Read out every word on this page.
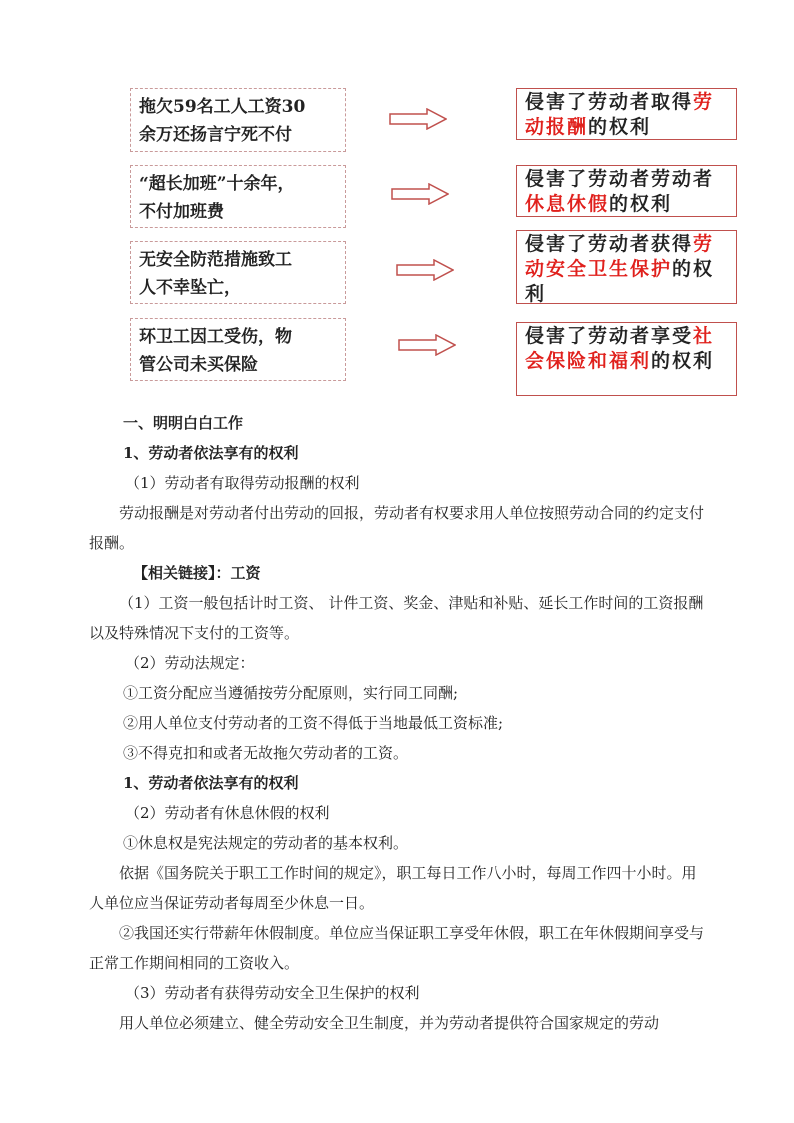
拖欠59名工人工资30
余万还扬言宁死不付
侵害了劳动者取得劳动报酬的权利
“超长加班”十余年，
不付加班费
侵害了劳动者劳动者休息休假的权利
无安全防范措施致工
人不幸坠亡，
侵害了劳动者获得劳动安全卫生保护的权利
环卫工因工受伤，物
管公司未买保险
侵害了劳动者享受社会保险和福利的权利

一、明明白白工作

1、劳动者依法享有的权利

（1）劳动者有取得劳动报酬的权利

劳动报酬是对劳动者付出劳动的回报，劳动者有权要求用人单位按照劳动合同的约定支付报酬。

【相关链接】：工资

（1）工资一般包括计时工资、 计件工资、奖金、津贴和补贴、延长工作时间的工资报酬以及特殊情况下支付的工资等。

（2）劳动法规定：

①工资分配应当遵循按劳分配原则，实行同工同酬;

②用人单位支付劳动者的工资不得低于当地最低工资标准;

③不得克扣和或者无故拖欠劳动者的工资。

1、劳动者依法享有的权利

（2）劳动者有休息休假的权利

①休息权是宪法规定的劳动者的基本权利。

依据《国务院关于职工工作时间的规定》，职工每日工作八小时，每周工作四十小时。用人单位应当保证劳动者每周至少休息一日。

②我国还实行带薪年休假制度。单位应当保证职工享受年休假，职工在年休假期间享受与正常工作期间相同的工资收入。

（3）劳动者有获得劳动安全卫生保护的权利

用人单位必须建立、健全劳动安全卫生制度，并为劳动者提供符合国家规定的劳动
